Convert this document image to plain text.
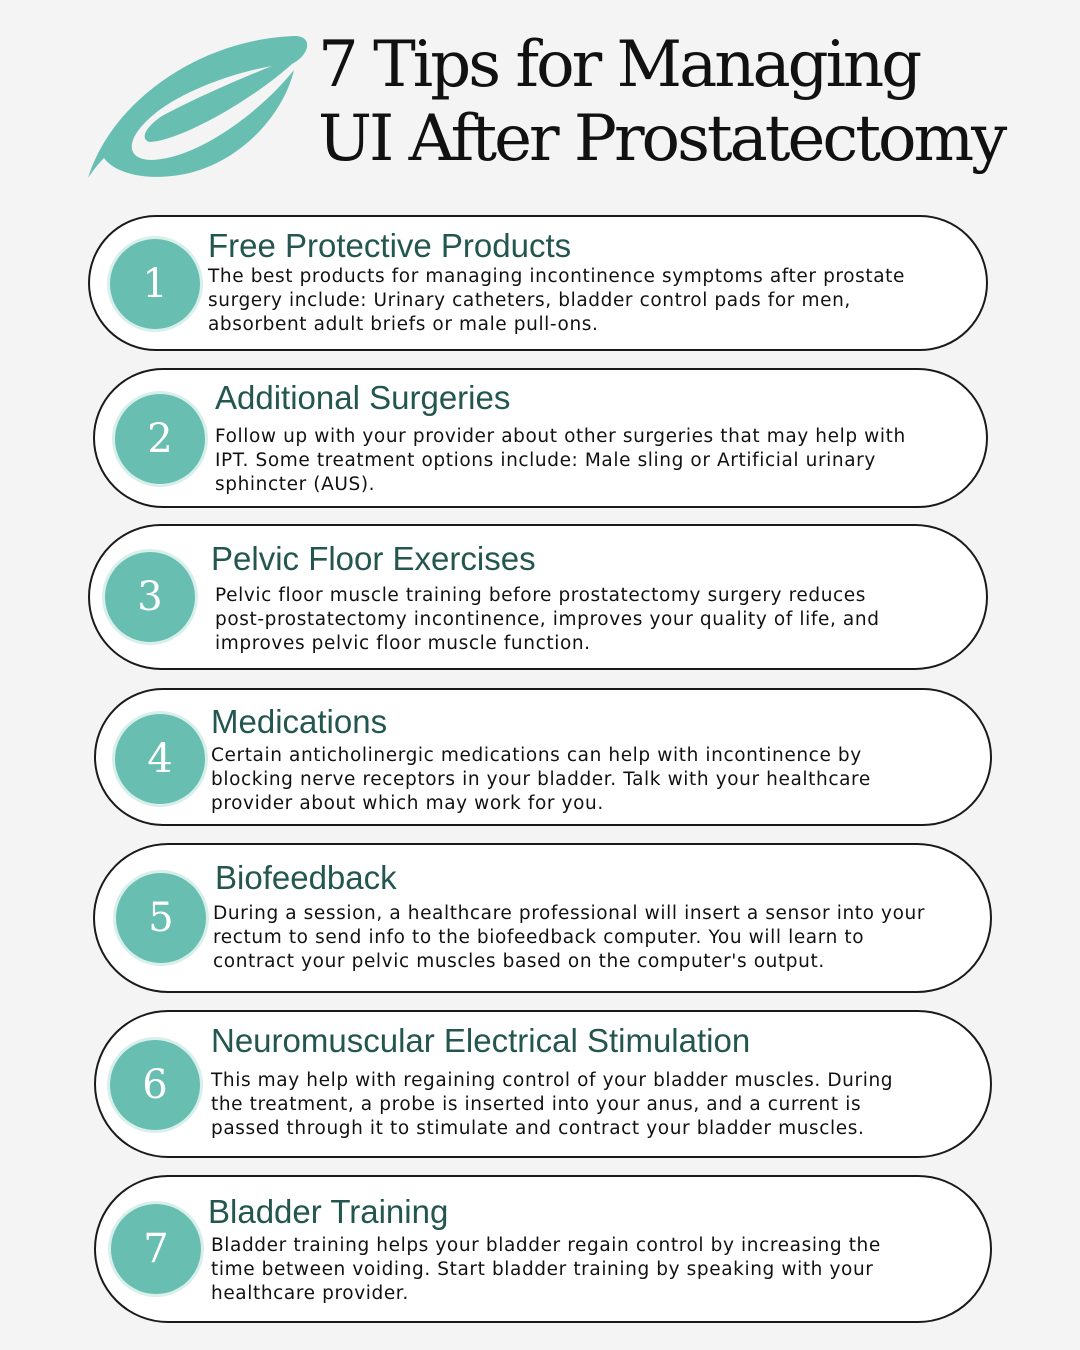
7 Tips for Managing
UI After Prostatectomy
1
Free Protective Products

The best products for managing incontinence symptoms after prostate
surgery include: Urinary catheters, bladder control pads for men,
absorbent adult briefs or male pull-ons.

2
Additional Surgeries

Follow up with your provider about other surgeries that may help with
IPT. Some treatment options include: Male sling or Artificial urinary
sphincter (AUS).

3
Pelvic Floor Exercises

Pelvic floor muscle training before prostatectomy surgery reduces
post-prostatectomy incontinence, improves your quality of life, and
improves pelvic floor muscle function.

4
Medications

Certain anticholinergic medications can help with incontinence by
blocking nerve receptors in your bladder. Talk with your healthcare
provider about which may work for you.

5
Biofeedback

During a session, a healthcare professional will insert a sensor into your
rectum to send info to the biofeedback computer. You will learn to
contract your pelvic muscles based on the computer's output.

6
Neuromuscular Electrical Stimulation

This may help with regaining control of your bladder muscles. During
the treatment, a probe is inserted into your anus, and a current is
passed through it to stimulate and contract your bladder muscles.

7
Bladder Training

Bladder training helps your bladder regain control by increasing the
time between voiding. Start bladder training by speaking with your
healthcare provider.
